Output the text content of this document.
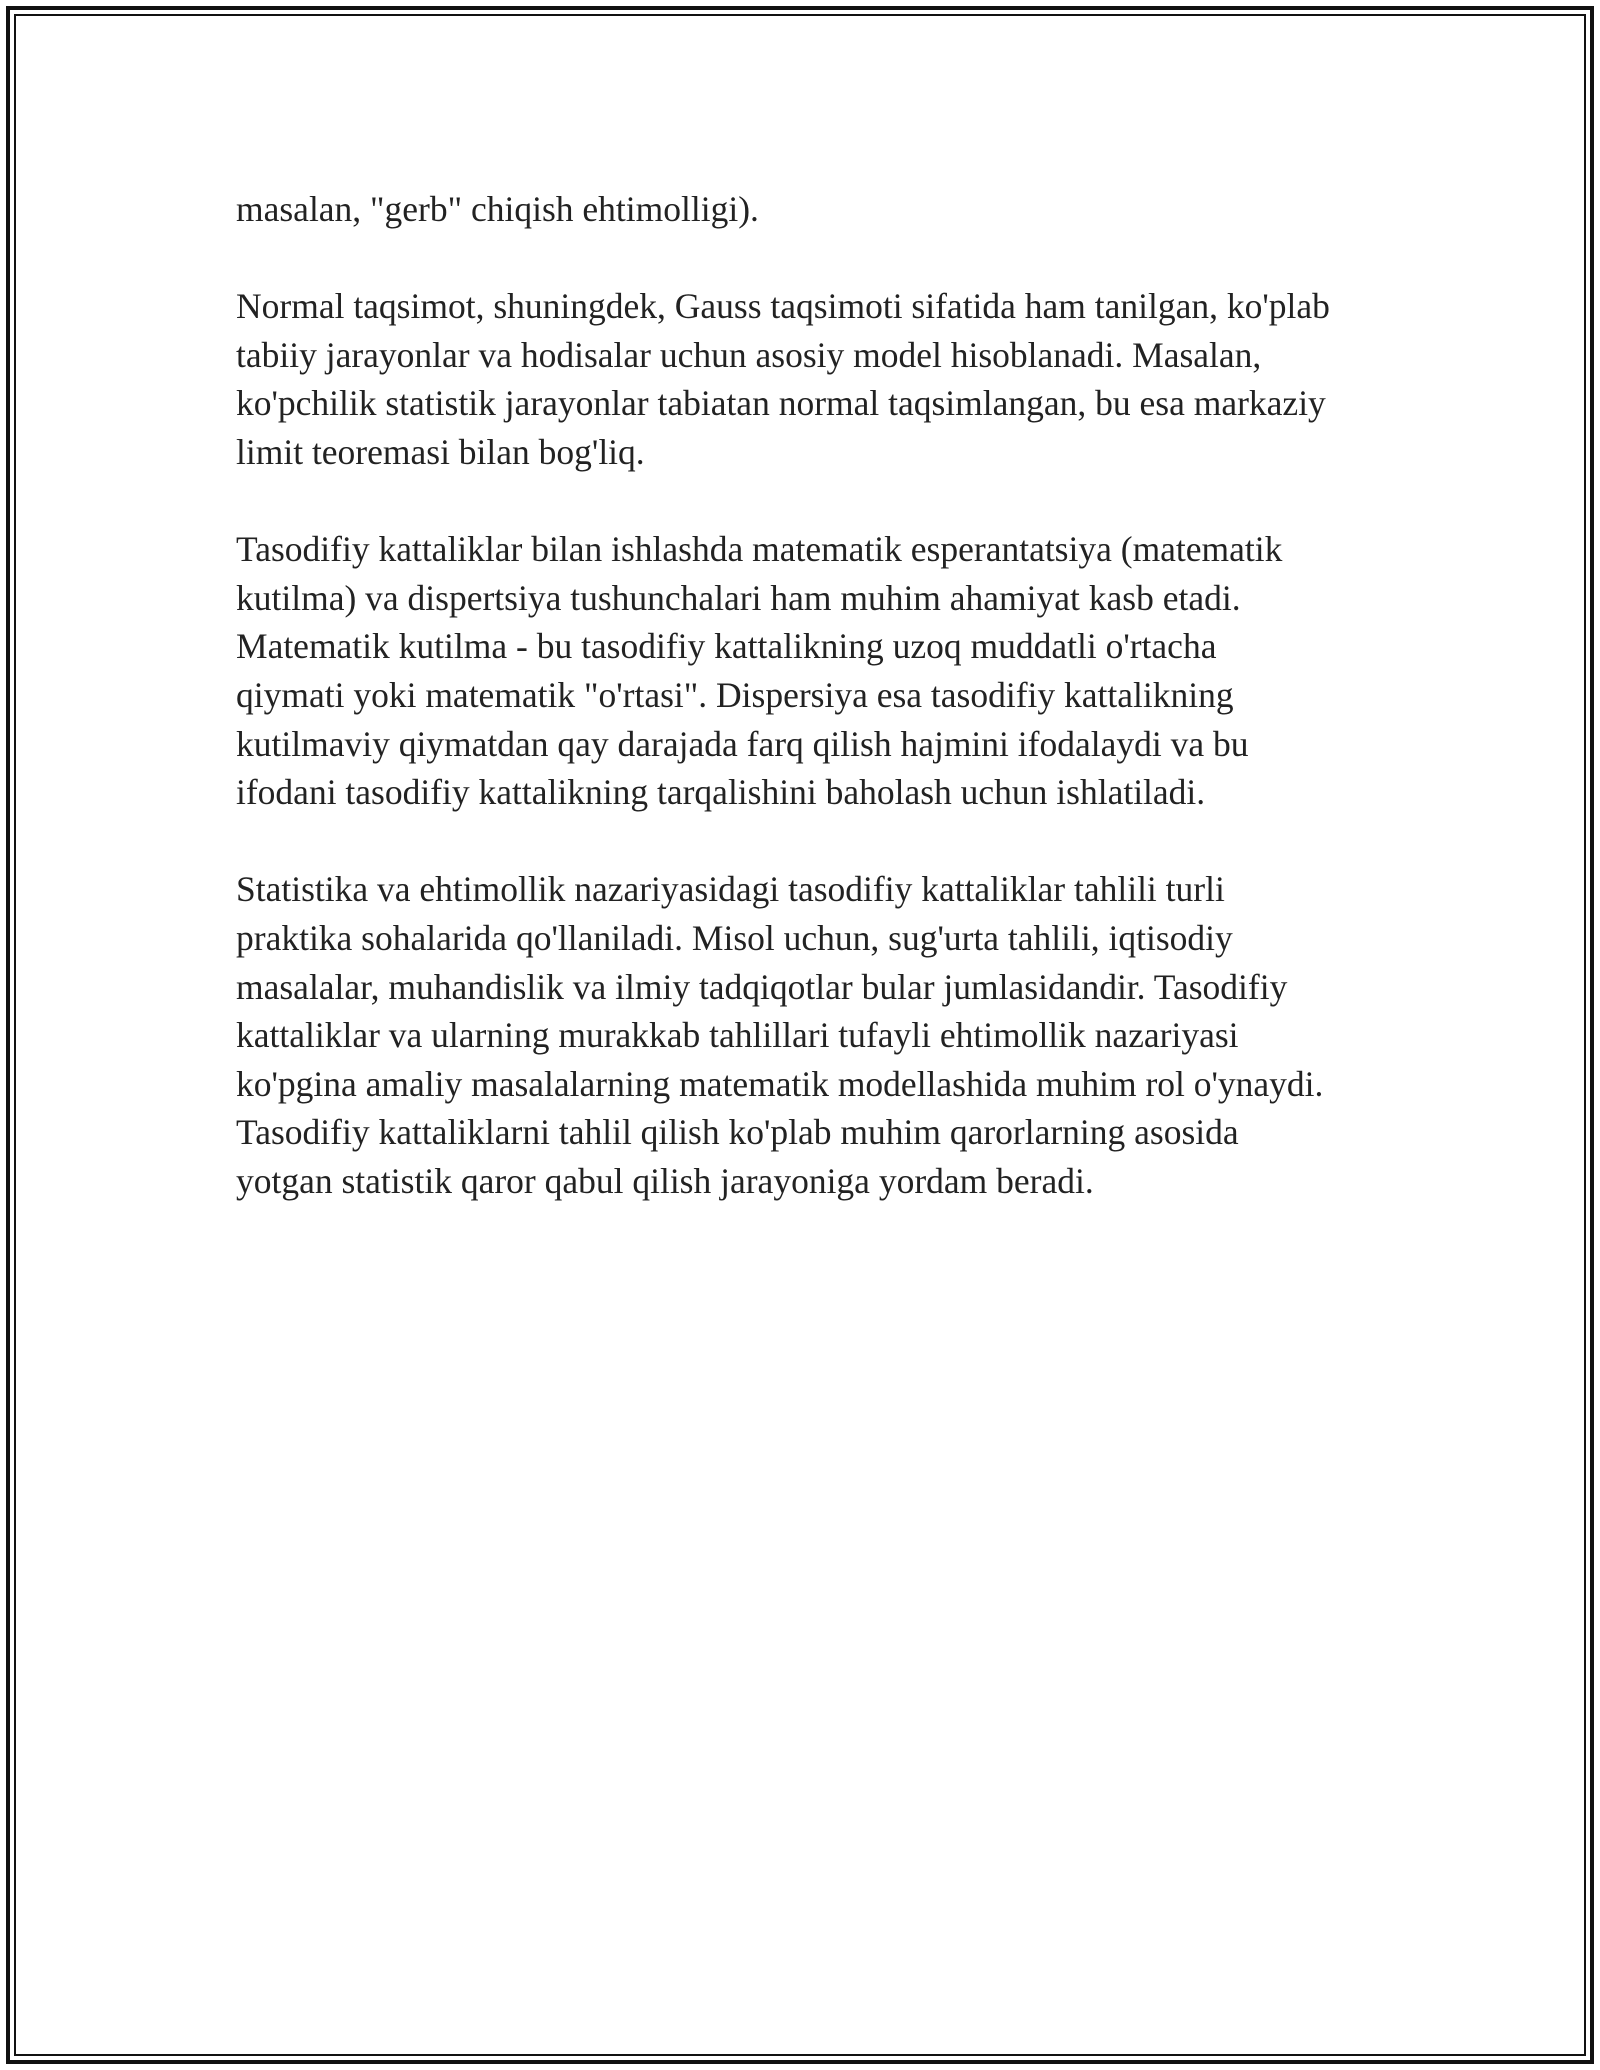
masalan, "gerb" chiqish ehtimolligi).

Normal taqsimot, shuningdek, Gauss taqsimoti sifatida ham tanilgan, ko'plab
tabiiy jarayonlar va hodisalar uchun asosiy model hisoblanadi. Masalan,
ko'pchilik statistik jarayonlar tabiatan normal taqsimlangan, bu esa markaziy
limit teoremasi bilan bog'liq.

Tasodifiy kattaliklar bilan ishlashda matematik esperantatsiya (matematik
kutilma) va dispertsiya tushunchalari ham muhim ahamiyat kasb etadi.
Matematik kutilma - bu tasodifiy kattalikning uzoq muddatli o'rtacha
qiymati yoki matematik "o'rtasi". Dispersiya esa tasodifiy kattalikning
kutilmaviy qiymatdan qay darajada farq qilish hajmini ifodalaydi va bu
ifodani tasodifiy kattalikning tarqalishini baholash uchun ishlatiladi.

Statistika va ehtimollik nazariyasidagi tasodifiy kattaliklar tahlili turli
praktika sohalarida qo'llaniladi. Misol uchun, sug'urta tahlili, iqtisodiy
masalalar, muhandislik va ilmiy tadqiqotlar bular jumlasidandir. Tasodifiy
kattaliklar va ularning murakkab tahlillari tufayli ehtimollik nazariyasi
ko'pgina amaliy masalalarning matematik modellashida muhim rol o'ynaydi.
Tasodifiy kattaliklarni tahlil qilish ko'plab muhim qarorlarning asosida
yotgan statistik qaror qabul qilish jarayoniga yordam beradi.
